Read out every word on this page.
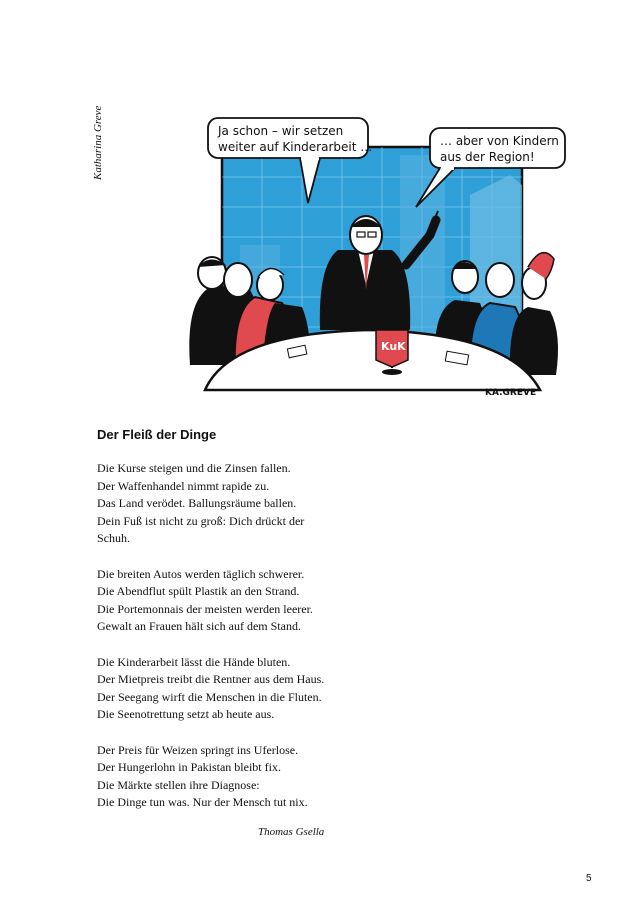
Katharina Greve	Ja schon – wir setzen
weiter auf Kinderarbeit …	… aber von Kindern
aus der Region!
KuK
KA.GREVE
Der Fleiß der Dinge
Die Kurse steigen und die Zinsen fallen.
Der Waffenhandel nimmt rapide zu.
Das Land verödet. Ballungsräume ballen.
Dein Fuß ist nicht zu groß: Dich drückt der
Schuh.
Die breiten Autos werden täglich schwerer.
Die Abendflut spült Plastik an den Strand.
Die Portemonnais der meisten werden leerer.
Gewalt an Frauen hält sich auf dem Stand.
Die Kinderarbeit lässt die Hände bluten.
Der Mietpreis treibt die Rentner aus dem Haus.
Der Seegang wirft die Menschen in die Fluten.
Die Seenotrettung setzt ab heute aus.
Der Preis für Weizen springt ins Uferlose.
Der Hungerlohn in Pakistan bleibt fix.
Die Märkte stellen ihre Diagnose:
Die Dinge tun was. Nur der Mensch tut nix.
Thomas Gsella
5
